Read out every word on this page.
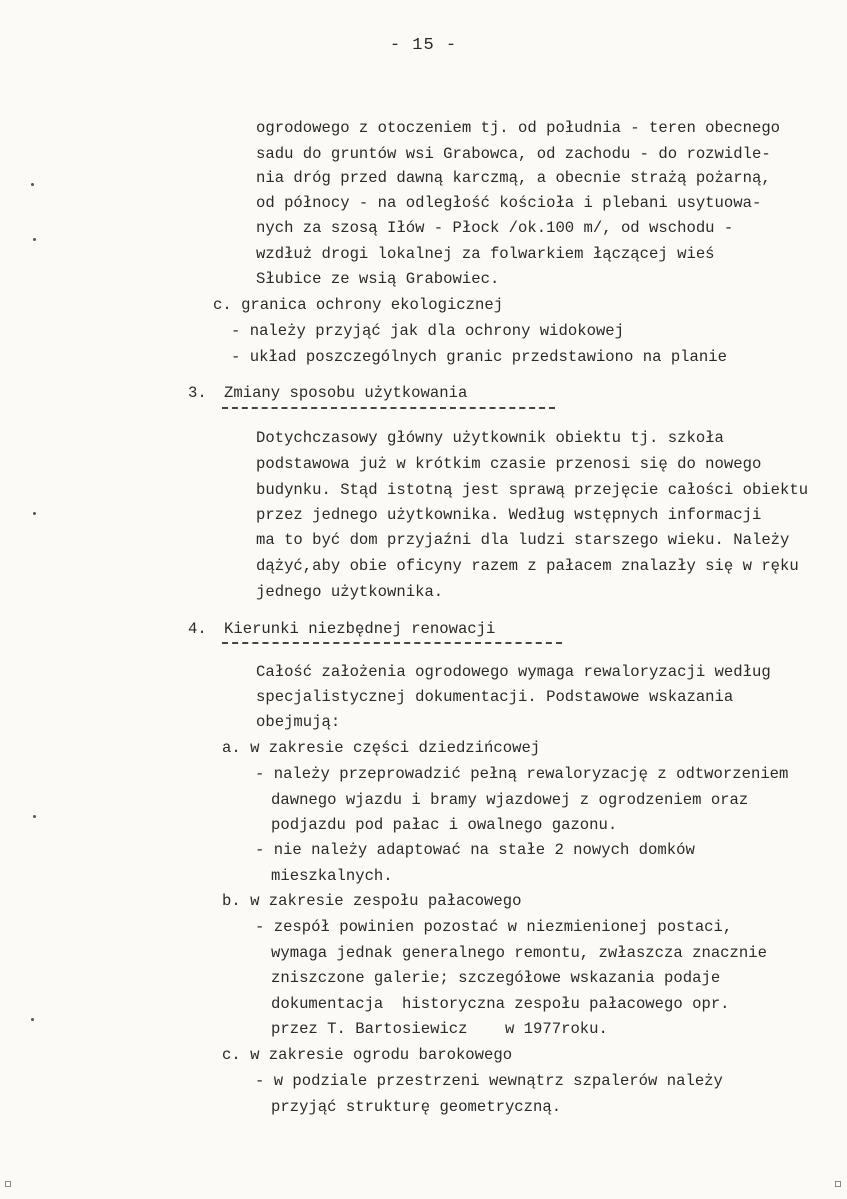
- 15 -
ogrodowego z otoczeniem tj. od południa - teren obecnego
sadu do gruntów wsi Grabowca, od zachodu - do rozwidle-
nia dróg przed dawną karczmą, a obecnie strażą pożarną,
od północy - na odległość kościoła i plebani usytuowa-
nych za szosą Iłów - Płock /ok.100 m/, od wschodu -
wzdłuż drogi lokalnej za folwarkiem łączącej wieś
Słubice ze wsią Grabowiec.
c. granica ochrony ekologicznej
- należy przyjąć jak dla ochrony widokowej
- układ poszczególnych granic przedstawiono na planie
3. Zmiany sposobu użytkowania
Dotychczasowy główny użytkownik obiektu tj. szkoła
podstawowa już w krótkim czasie przenosi się do nowego
budynku. Stąd istotną jest sprawą przejęcie całości obiektu
przez jednego użytkownika. Według wstępnych informacji
ma to być dom przyjaźni dla ludzi starszego wieku. Należy
dążyć,aby obie oficyny razem z pałacem znalazły się w ręku
jednego użytkownika.
4. Kierunki niezbędnej renowacji
Całość założenia ogrodowego wymaga rewaloryzacji według
specjalistycznej dokumentacji. Podstawowe wskazania
obejmują:
a. w zakresie części dziedzińcowej
- należy przeprowadzić pełną rewaloryzację z odtworzeniem
dawnego wjazdu i bramy wjazdowej z ogrodzeniem oraz
podjazdu pod pałac i owalnego gazonu.
- nie należy adaptować na stałe 2 nowych domków
mieszkalnych.
b. w zakresie zespołu pałacowego
- zespół powinien pozostać w niezmienionej postaci,
wymaga jednak generalnego remontu, zwłaszcza znacznie
zniszczone galerie; szczegółowe wskazania podaje
dokumentacja  historyczna zespołu pałacowego opr.
przez T. Bartosiewicz    w 1977roku.
c. w zakresie ogrodu barokowego
- w podziale przestrzeni wewnątrz szpalerów należy
przyjąć strukturę geometryczną.
